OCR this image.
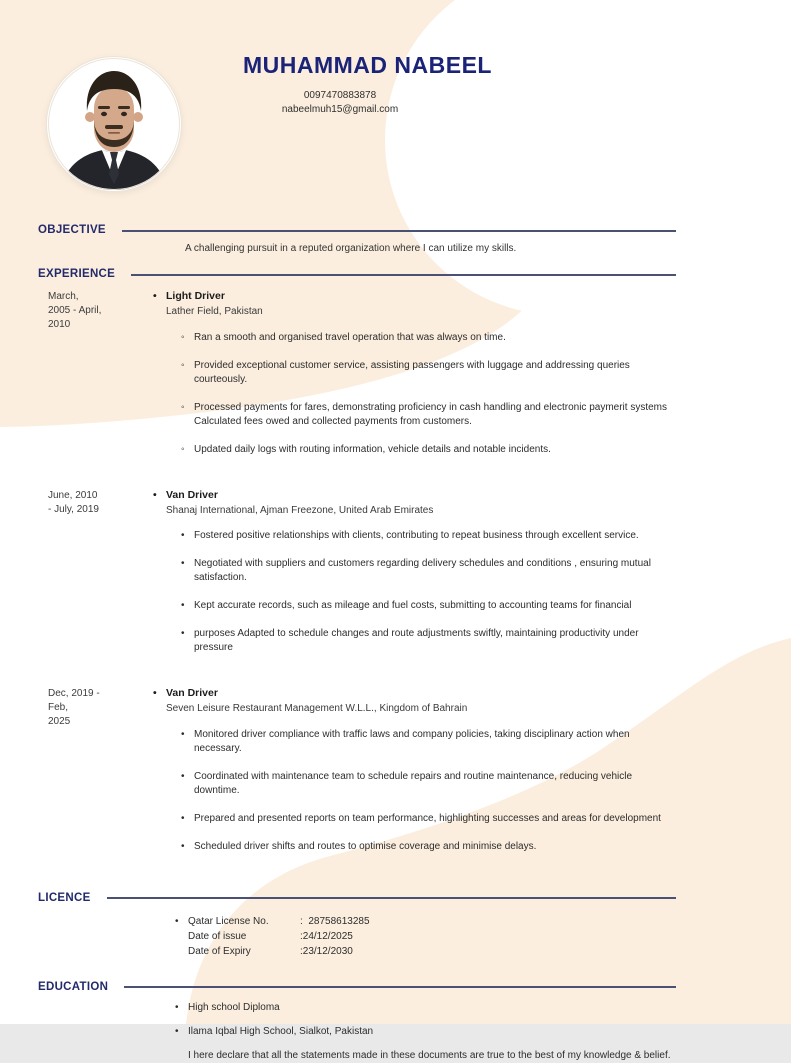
MUHAMMAD NABEEL
0097470883878
nabeelmuh15@gmail.com
OBJECTIVE

A challenging pursuit in a reputed organization where I can utilize my skills.

EXPERIENCE
March,
2005 - April,
2010
• Light Driver
Lather Field, Pakistan
◦ Ran a smooth and organised travel operation that was always on time.
◦ Provided exceptional customer service, assisting passengers with luggage and addressing queries courteously.
◦ Processed payments for fares, demonstrating proficiency in cash handling and electronic paymerit systems Calculated fees owed and collected payments from customers.
◦ Updated daily logs with routing information, vehicle details and notable incidents.
June, 2010
- July, 2019
• Van Driver
Shanaj International, Ajman Freezone, United Arab Emirates
• Fostered positive relationships with clients, contributing to repeat business through excellent service.
• Negotiated with suppliers and customers regarding delivery schedules and conditions , ensuring mutual satisfaction.
• Kept accurate records, such as mileage and fuel costs, submitting to accounting teams for financial
• purposes Adapted to schedule changes and route adjustments swiftly, maintaining productivity under pressure
Dec, 2019 -
Feb,
2025
• Van Driver
Seven Leisure Restaurant Management W.L.L., Kingdom of Bahrain
• Monitored driver compliance with traffic laws and company policies, taking disciplinary action when necessary.
• Coordinated with maintenance team to schedule repairs and routine maintenance, reducing vehicle downtime.
• Prepared and presented reports on team performance, highlighting successes and areas for development
• Scheduled driver shifts and routes to optimise coverage and minimise delays.
LICENCE
• Qatar License No.	:  28758613285
Date of issue	:24/12/2025
Date of Expiry	:23/12/2030
EDUCATION
• High school Diploma
• Ilama Iqbal High School, Sialkot, Pakistan

I here declare that all the statements made in these documents are true to the best of my knowledge & belief.
